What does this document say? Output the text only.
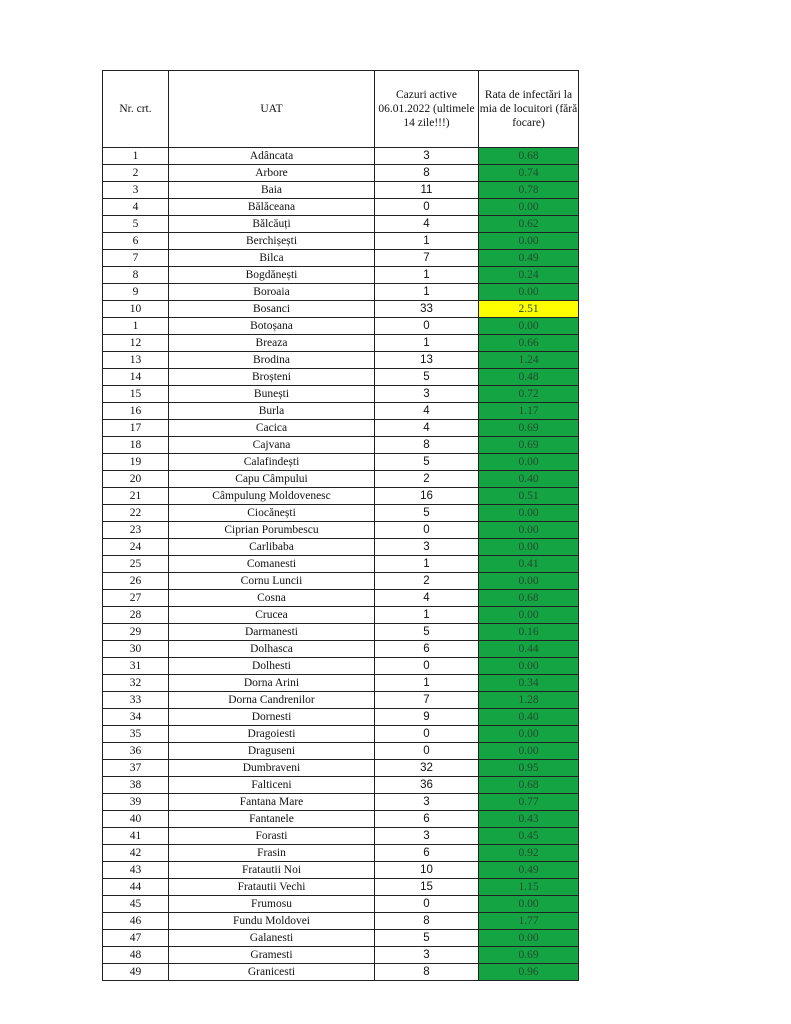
Nr. crt.	UAT	Cazuri active 06.01.2022 (ultimele 14 zile!!!)	Rata de infectări la mia de locuitori (fără focare)
1	Adâncata	3	0.68
2	Arbore	8	0.74
3	Baia	11	0.78
4	Bălăceana	0	0.00
5	Bălcăuți	4	0.62
6	Berchișești	1	0.00
7	Bilca	7	0.49
8	Bogdănești	1	0.24
9	Boroaia	1	0.00
10	Bosanci	33	2.51
1	Botoșana	0	0.00
12	Breaza	1	0.66
13	Brodina	13	1.24
14	Broșteni	5	0.48
15	Bunești	3	0.72
16	Burla	4	1.17
17	Cacica	4	0.69
18	Cajvana	8	0.69
19	Calafindești	5	0.00
20	Capu Câmpului	2	0.40
21	Câmpulung Moldovenesc	16	0.51
22	Ciocănești	5	0.00
23	Ciprian Porumbescu	0	0.00
24	Carlibaba	3	0.00
25	Comanesti	1	0.41
26	Cornu Luncii	2	0.00
27	Cosna	4	0.68
28	Crucea	1	0.00
29	Darmanesti	5	0.16
30	Dolhasca	6	0.44
31	Dolhesti	0	0.00
32	Dorna Arini	1	0.34
33	Dorna Candrenilor	7	1.28
34	Dornesti	9	0.40
35	Dragoiesti	0	0.00
36	Draguseni	0	0.00
37	Dumbraveni	32	0.95
38	Falticeni	36	0.68
39	Fantana Mare	3	0.77
40	Fantanele	6	0.43
41	Forasti	3	0.45
42	Frasin	6	0.92
43	Fratautii Noi	10	0.49
44	Fratautii Vechi	15	1.15
45	Frumosu	0	0.00
46	Fundu Moldovei	8	1.77
47	Galanesti	5	0.00
48	Gramesti	3	0.69
49	Granicesti	8	0.96
